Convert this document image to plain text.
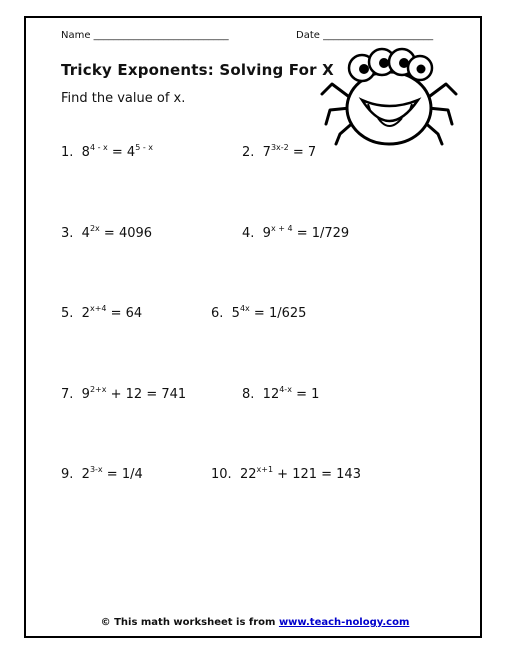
Name ___________________________	Date ______________________
Tricky Exponents: Solving For X
Find the value of x.
1. $8^{4 - x} = 4^{5 - x}$	2. $7^{3x-2} = 7$
3. $4^{2x} = 4096$	4. $9^{x + 4} = 1/729$
5. $2^{x+4} = 64$	6. $5^{4x} = 1/625$
7. $9^{2+x} + 12 = 741$	8. $12^{4-x} = 1$
9. $2^{3-x} = 1/4$	10. $22^{x+1} + 121 = 143$
© This math worksheet is from www.teach-nology.com
